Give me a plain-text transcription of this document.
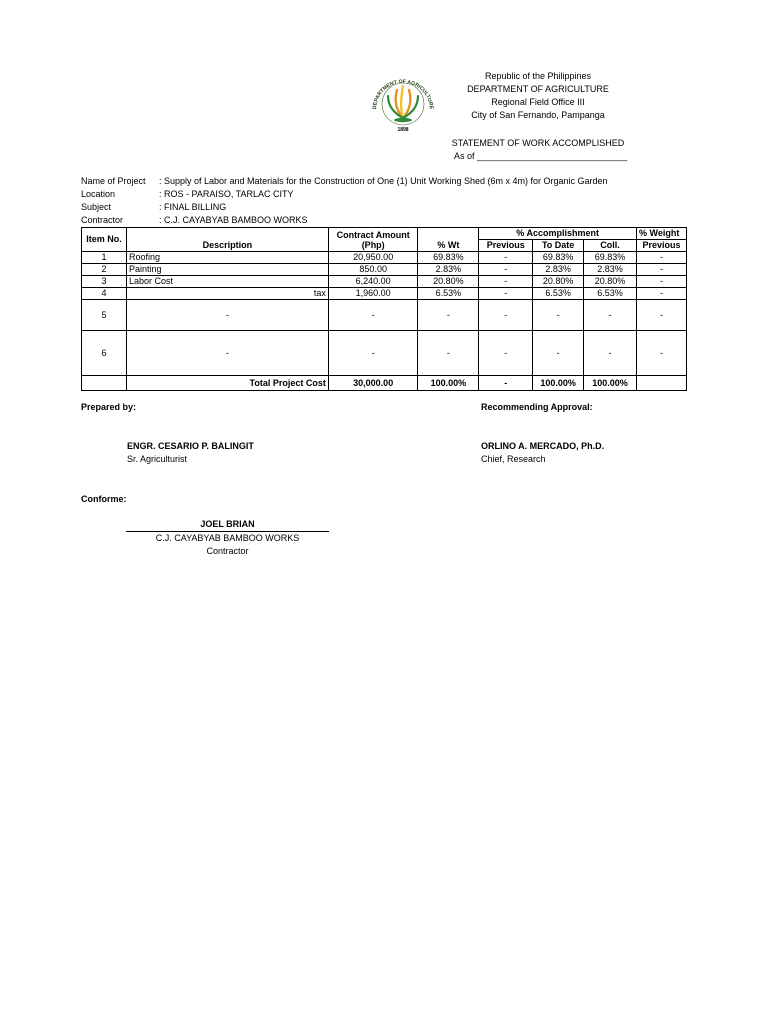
DEPARTMENT OF AGRICULTURE
1898
Republic of the Philippines
DEPARTMENT OF AGRICULTURE
Regional Field Office III
City of San Fernando, Pampanga
STATEMENT OF WORK ACCOMPLISHED
As of ______________________________
Name of Project : Supply of Labor and Materials for the Construction of One (1) Unit Working Shed (6m x 4m) for Organic Garden
Location	: ROS - PARAISO, TARLAC CITY
Subject	: FINAL BILLING
Contractor	: C.J. CAYABYAB BAMBOO WORKS
Item No.	Description	Contract Amount (Php)	% Wt	% Accomplishment			% Weight
				Previous	To Date	Coll.	Previous
1	Roofing	20,950.00	69.83%	-	69.83%	69.83%	-
2	Painting	850.00	2.83%	-	2.83%	2.83%	-
3	Labor Cost	6,240.00	20.80%	-	20.80%	20.80%	-
4	tax	1,960.00	6.53%	-	6.53%	6.53%	-
5	-	-	-	-	-	-	-
6	-	-	-	-	-	-	-
	Total Project Cost	30,000.00	100.00%	-	100.00%	100.00%	
Prepared by:	Recommending Approval:
ENGR. CESARIO P. BALINGIT
Sr. Agriculturist
ORLINO A. MERCADO, Ph.D.
Chief, Research
Conforme:
JOEL BRIAN
C.J. CAYABYAB BAMBOO WORKS
Contractor
